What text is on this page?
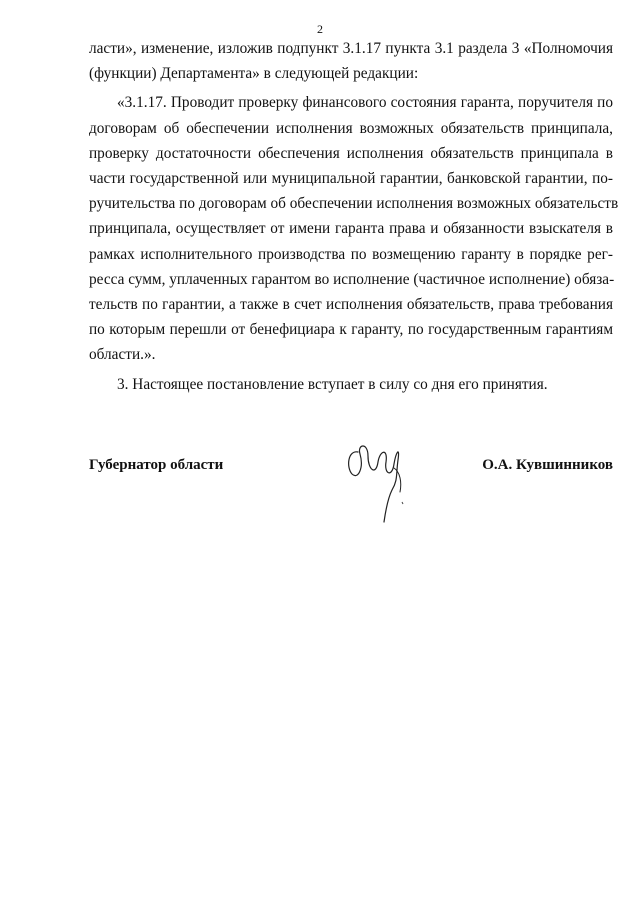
2
ласти», изменение, изложив подпункт 3.1.17 пункта 3.1 раздела 3 «Полномочия
(функции) Департамента» в следующей редакции:
«3.1.17. Проводит проверку финансового состояния гаранта, поручителя по
договорам об обеспечении исполнения возможных обязательств принципала,
проверку достаточности обеспечения исполнения обязательств принципала в
части государственной или муниципальной гарантии, банковской гарантии, по-
ручительства по договорам об обеспечении исполнения возможных обязательств
принципала, осуществляет от имени гаранта права и обязанности взыскателя в
рамках исполнительного производства по возмещению гаранту в порядке рег-
ресса сумм, уплаченных гарантом во исполнение (частичное исполнение) обяза-
тельств по гарантии, а также в счет исполнения обязательств, права требования
по которым перешли от бенефициара к гаранту, по государственным гарантиям
области.».
3. Настоящее постановление вступает в силу со дня его принятия.
Губернатор области	О.А. Кувшинников
